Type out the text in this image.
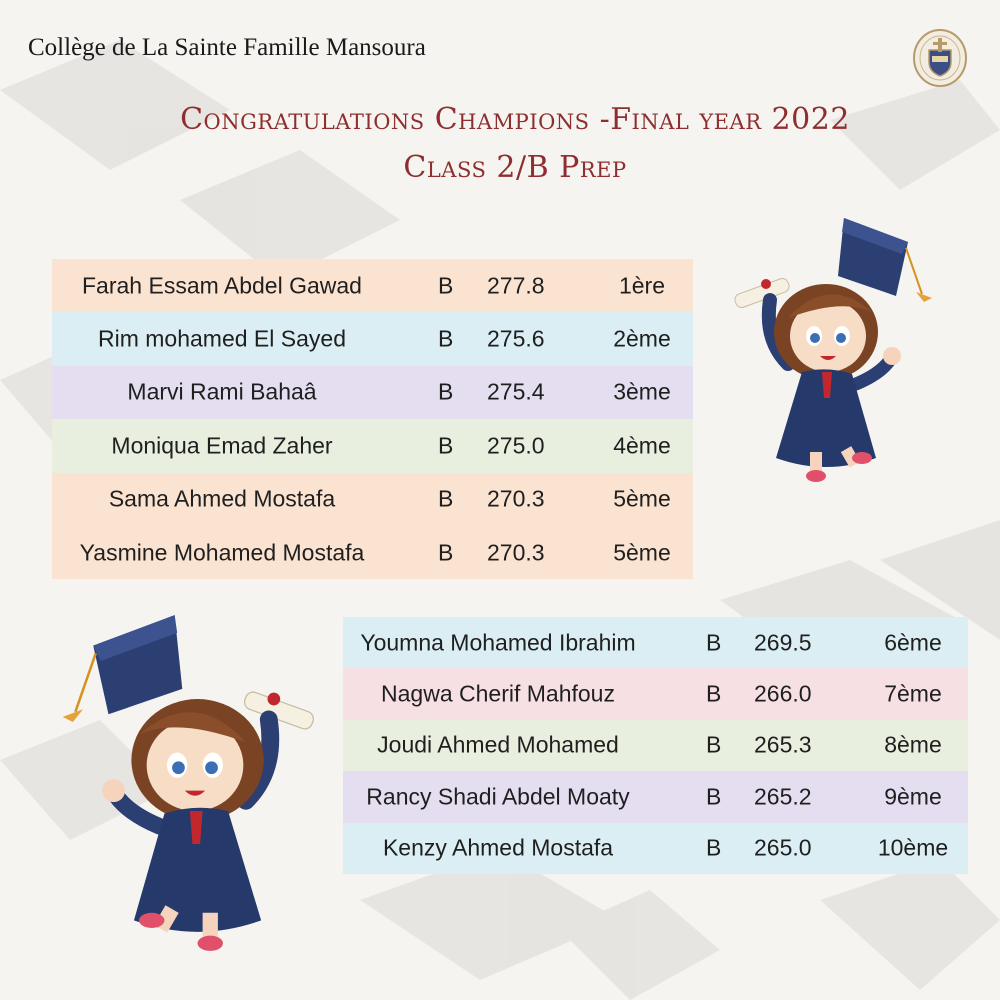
Collège de La Sainte Famille Mansoura
Congratulations Champions -Final year 2022
Class 2/B Prep
Farah Essam Abdel Gawad	B 277.8	1ère
Rim mohamed El Sayed	B 275.6	2ème
Marvi Rami Bahaâ	B 275.4	3ème
Moniqua Emad Zaher	B 275.0	4ème
Sama Ahmed Mostafa	B 270.3	5ème
Yasmine Mohamed Mostafa	B 270.3	5ème
Youmna Mohamed Ibrahim	B 269.5	6ème
Nagwa Cherif Mahfouz	B 266.0	7ème
Joudi Ahmed Mohamed	B 265.3	8ème
Rancy Shadi Abdel Moaty	B 265.2	9ème
Kenzy Ahmed Mostafa	B 265.0	10ème
